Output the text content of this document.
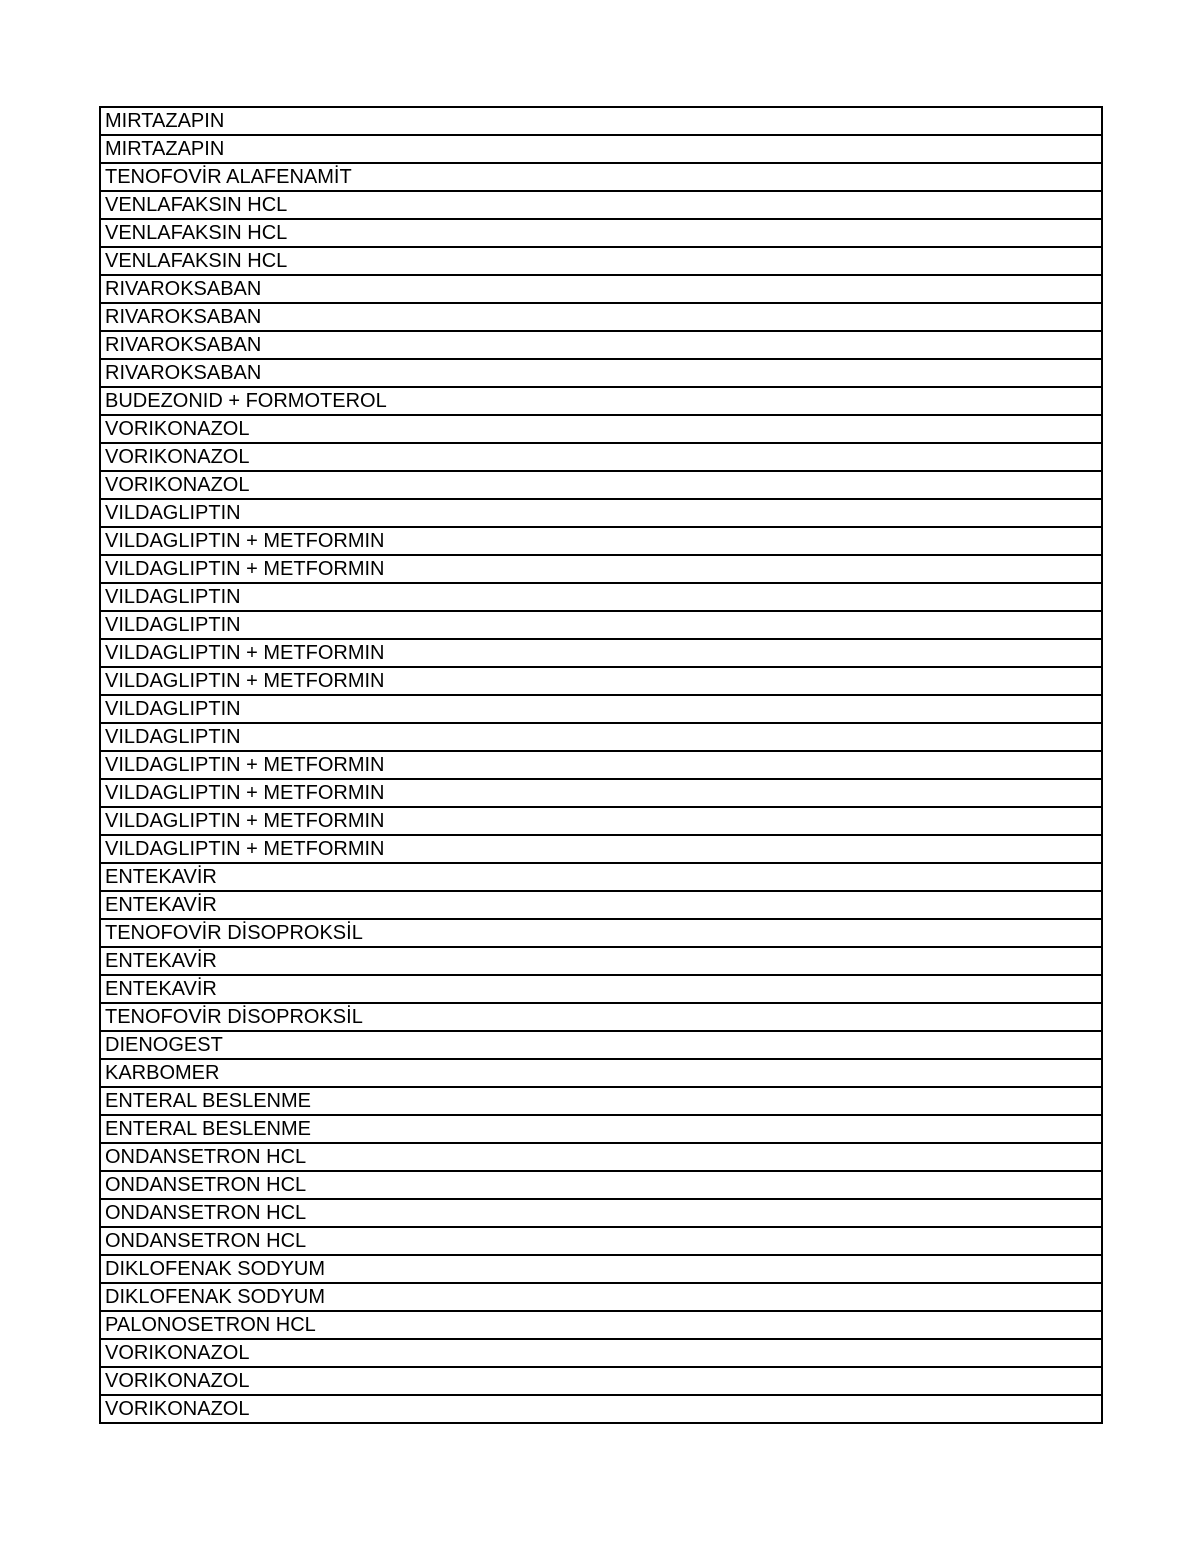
MIRTAZAPIN
MIRTAZAPIN
TENOFOVİR ALAFENAMİT
VENLAFAKSIN HCL
VENLAFAKSIN HCL
VENLAFAKSIN HCL
RIVAROKSABAN
RIVAROKSABAN
RIVAROKSABAN
RIVAROKSABAN
BUDEZONID + FORMOTEROL
VORIKONAZOL
VORIKONAZOL
VORIKONAZOL
VILDAGLIPTIN
VILDAGLIPTIN + METFORMIN
VILDAGLIPTIN + METFORMIN
VILDAGLIPTIN
VILDAGLIPTIN
VILDAGLIPTIN + METFORMIN
VILDAGLIPTIN + METFORMIN
VILDAGLIPTIN
VILDAGLIPTIN
VILDAGLIPTIN + METFORMIN
VILDAGLIPTIN + METFORMIN
VILDAGLIPTIN + METFORMIN
VILDAGLIPTIN + METFORMIN
ENTEKAVİR
ENTEKAVİR
TENOFOVİR DİSOPROKSİL
ENTEKAVİR
ENTEKAVİR
TENOFOVİR DİSOPROKSİL
DIENOGEST
KARBOMER
ENTERAL BESLENME
ENTERAL BESLENME
ONDANSETRON HCL
ONDANSETRON HCL
ONDANSETRON HCL
ONDANSETRON HCL
DIKLOFENAK SODYUM
DIKLOFENAK SODYUM
PALONOSETRON HCL
VORIKONAZOL
VORIKONAZOL
VORIKONAZOL
